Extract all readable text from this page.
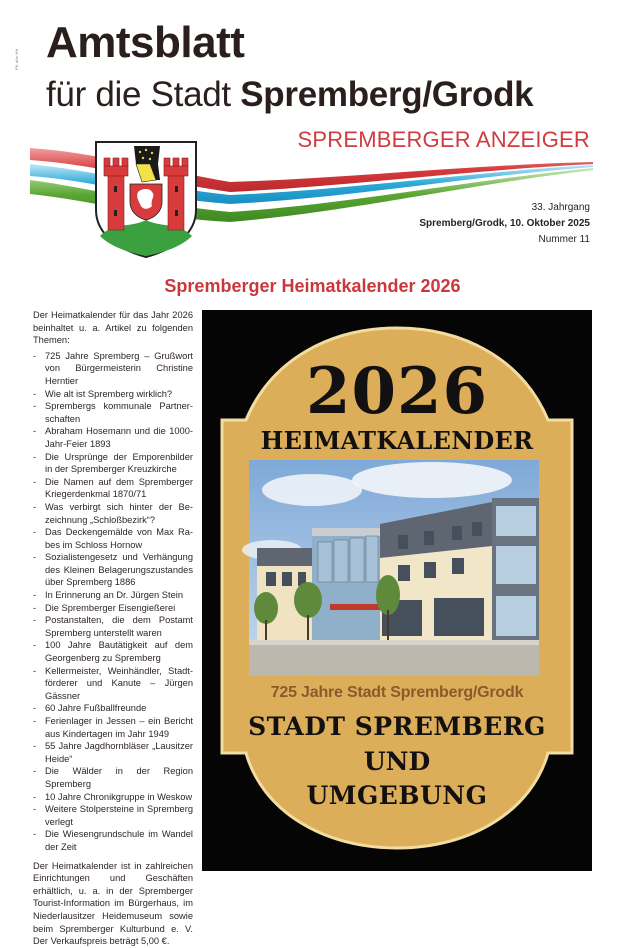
PK alle HH Amtsblatt
für die Stadt Spremberg/Grodk
SPREMBERGER ANZEIGER
33. Jahrgang
Spremberg/Grodk, 10. Oktober 2025
Nummer 11
Spremberger Heimatkalender 2026

Der Heimatkalender für das Jahr 2026 beinhaltet u. a. Artikel zu folgenden Themen:

- 725 Jahre Spremberg – Grußwort von Bürgermeisterin Christine Herntier
- Wie alt ist Spremberg wirklich?
- Sprembergs kommunale Partnerschaften
- Abraham Hosemann und die 1000-Jahr-Feier 1893
- Die Ursprünge der Emporenbilder in der Spremberger Kreuzkirche
- Die Namen auf dem Spremberger Kriegerdenkmal 1870/71
- Was verbirgt sich hinter der Bezeichnung „Schloßbezirk“?
- Das Deckengemälde von Max Rabes im Schloss Hornow
- Sozialistengesetz und Verhängung des Kleinen Belagerungszustandes über Spremberg 1886
- In Erinnerung an Dr. Jürgen Stein
- Die Spremberger Eisengießerei
- Postanstalten, die dem Postamt Spremberg unterstellt waren
- 100 Jahre Bautätigkeit auf dem Georgenberg zu Spremberg
- Kellermeister, Weinhändler, Stadtförderer und Kanute – Jürgen Gässner
- 60 Jahre Fußballfreunde
- Ferienlager in Jessen – ein Bericht aus Kindertagen im Jahr 1949
- 55 Jahre Jagdhornbläser „Lausitzer Heide“
- Die Wälder in der Region Spremberg
- 10 Jahre Chronikgruppe in Weskow
- Weitere Stolpersteine in Spremberg verlegt
- Die Wiesengrundschule im Wandel der Zeit

Der Heimatkalender ist in zahlreichen Einrichtungen und Geschäften erhältlich, u. a. in der Spremberger Tourist-Information im Bürgerhaus, im Niederlausitzer Heidemuseum sowie beim Spremberger Kulturbund e. V. Der Verkaufspreis beträgt 5,00 €.

2026
HEIMATKALENDER
725 Jahre Stadt Spremberg/Grodk
STADT SPREMBERG
UND
UMGEBUNG
